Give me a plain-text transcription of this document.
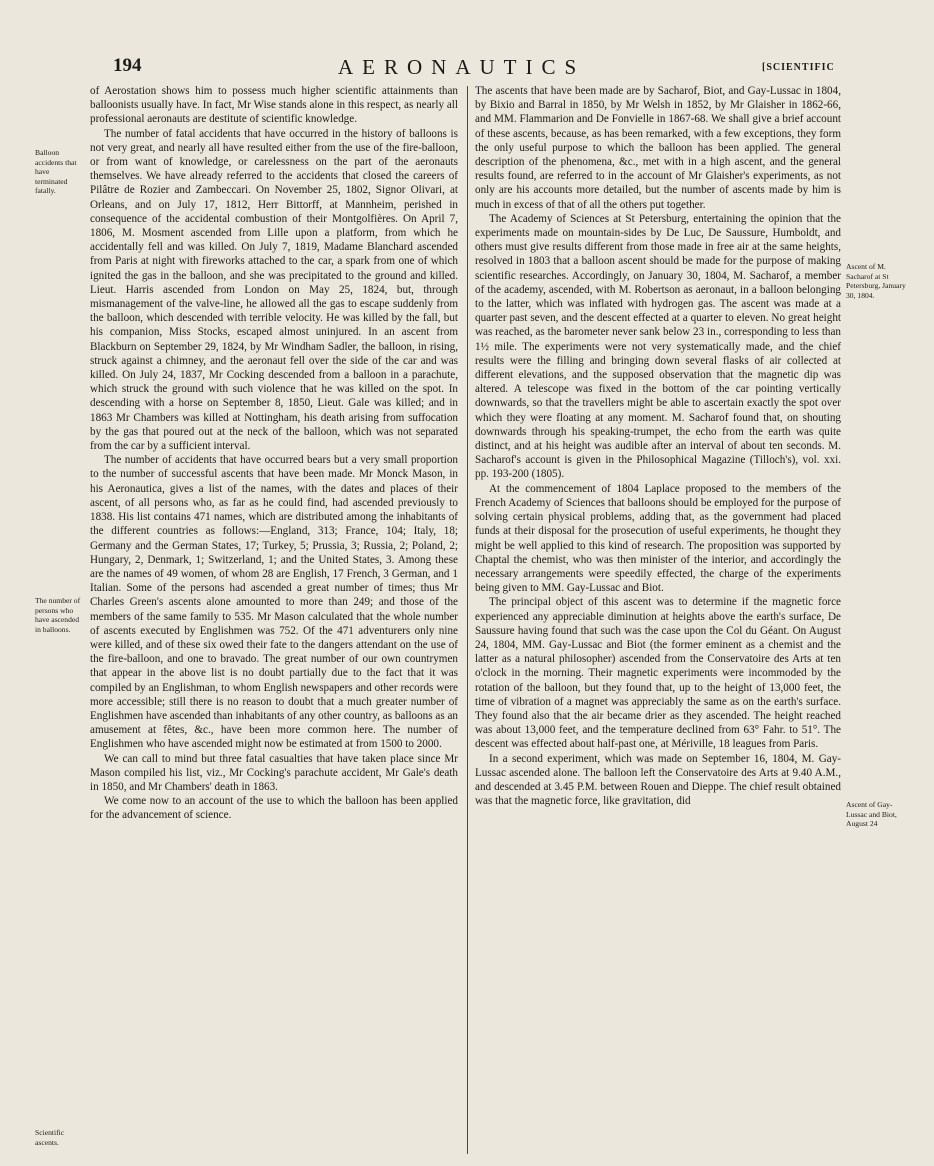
194	AERONAUTICS	[SCIENTIFIC
Balloon accidents that have terminated fatally.
The number of persons who have ascended in balloons.
Scientific ascents.
Ascent of M. Sacharof at St Petersburg, January 30, 1804.
Ascent of Gay-Lussac and Biot, August 24

of Aerostation shows him to possess much higher scientific attainments than balloonists usually have. In fact, Mr Wise stands alone in this respect, as nearly all professional aeronauts are destitute of scientific knowledge.

The number of fatal accidents that have occurred in the history of balloons is not very great, and nearly all have resulted either from the use of the fire-balloon, or from want of knowledge, or carelessness on the part of the aeronauts themselves. We have already referred to the accidents that closed the careers of Pilâtre de Rozier and Zambeccari. On November 25, 1802, Signor Olivari, at Orleans, and on July 17, 1812, Herr Bittorff, at Mannheim, perished in consequence of the accidental combustion of their Montgolfières. On April 7, 1806, M. Mosment ascended from Lille upon a platform, from which he accidentally fell and was killed. On July 7, 1819, Madame Blanchard ascended from Paris at night with fireworks attached to the car, a spark from one of which ignited the gas in the balloon, and she was precipitated to the ground and killed. Lieut. Harris ascended from London on May 25, 1824, but, through mismanagement of the valve-line, he allowed all the gas to escape suddenly from the balloon, which descended with terrible velocity. He was killed by the fall, but his companion, Miss Stocks, escaped almost uninjured. In an ascent from Blackburn on September 29, 1824, by Mr Windham Sadler, the balloon, in rising, struck against a chimney, and the aeronaut fell over the side of the car and was killed. On July 24, 1837, Mr Cocking descended from a balloon in a parachute, which struck the ground with such violence that he was killed on the spot. In descending with a horse on September 8, 1850, Lieut. Gale was killed; and in 1863 Mr Chambers was killed at Nottingham, his death arising from suffocation by the gas that poured out at the neck of the balloon, which was not separated from the car by a sufficient interval.

The number of accidents that have occurred bears but a very small proportion to the number of successful ascents that have been made. Mr Monck Mason, in his Aeronautica, gives a list of the names, with the dates and places of their ascent, of all persons who, as far as he could find, had ascended previously to 1838. His list contains 471 names, which are distributed among the inhabitants of the different countries as follows:—England, 313; France, 104; Italy, 18; Germany and the German States, 17; Turkey, 5; Prussia, 3; Russia, 2; Poland, 2; Hungary, 2, Denmark, 1; Switzerland, 1; and the United States, 3. Among these are the names of 49 women, of whom 28 are English, 17 French, 3 German, and 1 Italian. Some of the persons had ascended a great number of times; thus Mr Charles Green's ascents alone amounted to more than 249; and those of the members of the same family to 535. Mr Mason calculated that the whole number of ascents executed by Englishmen was 752. Of the 471 adventurers only nine were killed, and of these six owed their fate to the dangers attendant on the use of the fire-balloon, and one to bravado. The great number of our own countrymen that appear in the above list is no doubt partially due to the fact that it was compiled by an Englishman, to whom English newspapers and other records were more accessible; still there is no reason to doubt that a much greater number of Englishmen have ascended than inhabitants of any other country, as balloons as an amusement at fêtes, &c., have been more common here. The number of Englishmen who have ascended might now be estimated at from 1500 to 2000.

We can call to mind but three fatal casualties that have taken place since Mr Mason compiled his list, viz., Mr Cocking's parachute accident, Mr Gale's death in 1850, and Mr Chambers' death in 1863.

We come now to an account of the use to which the balloon has been applied for the advancement of science.

The ascents that have been made are by Sacharof, Biot, and Gay-Lussac in 1804, by Bixio and Barral in 1850, by Mr Welsh in 1852, by Mr Glaisher in 1862-66, and MM. Flammarion and De Fonvielle in 1867-68. We shall give a brief account of these ascents, because, as has been remarked, with a few exceptions, they form the only useful purpose to which the balloon has been applied. The general description of the phenomena, &c., met with in a high ascent, and the general results found, are referred to in the account of Mr Glaisher's experiments, as not only are his accounts more detailed, but the number of ascents made by him is much in excess of that of all the others put together.

The Academy of Sciences at St Petersburg, entertaining the opinion that the experiments made on mountain-sides by De Luc, De Saussure, Humboldt, and others must give results different from those made in free air at the same heights, resolved in 1803 that a balloon ascent should be made for the purpose of making scientific researches. Accordingly, on January 30, 1804, M. Sacharof, a member of the academy, ascended, with M. Robertson as aeronaut, in a balloon belonging to the latter, which was inflated with hydrogen gas. The ascent was made at a quarter past seven, and the descent effected at a quarter to eleven. No great height was reached, as the barometer never sank below 23 in., corresponding to less than 1½ mile. The experiments were not very systematically made, and the chief results were the filling and bringing down several flasks of air collected at different elevations, and the supposed observation that the magnetic dip was altered. A telescope was fixed in the bottom of the car pointing vertically downwards, so that the travellers might be able to ascertain exactly the spot over which they were floating at any moment. M. Sacharof found that, on shouting downwards through his speaking-trumpet, the echo from the earth was quite distinct, and at his height was audible after an interval of about ten seconds. M. Sacharof's account is given in the Philosophical Magazine (Tilloch's), vol. xxi. pp. 193-200 (1805).

At the commencement of 1804 Laplace proposed to the members of the French Academy of Sciences that balloons should be employed for the purpose of solving certain physical problems, adding that, as the government had placed funds at their disposal for the prosecution of useful experiments, he thought they might be well applied to this kind of research. The proposition was supported by Chaptal the chemist, who was then minister of the interior, and accordingly the necessary arrangements were speedily effected, the charge of the experiments being given to MM. Gay-Lussac and Biot.

The principal object of this ascent was to determine if the magnetic force experienced any appreciable diminution at heights above the earth's surface, De Saussure having found that such was the case upon the Col du Géant. On August 24, 1804, MM. Gay-Lussac and Biot (the former eminent as a chemist and the latter as a natural philosopher) ascended from the Conservatoire des Arts at ten o'clock in the morning. Their magnetic experiments were incommoded by the rotation of the balloon, but they found that, up to the height of 13,000 feet, the time of vibration of a magnet was appreciably the same as on the earth's surface. They found also that the air became drier as they ascended. The height reached was about 13,000 feet, and the temperature declined from 63° Fahr. to 51°. The descent was effected about half-past one, at Mériville, 18 leagues from Paris.

In a second experiment, which was made on September 16, 1804, M. Gay-Lussac ascended alone. The balloon left the Conservatoire des Arts at 9.40 A.M., and descended at 3.45 P.M. between Rouen and Dieppe. The chief result obtained was that the magnetic force, like gravitation, did
